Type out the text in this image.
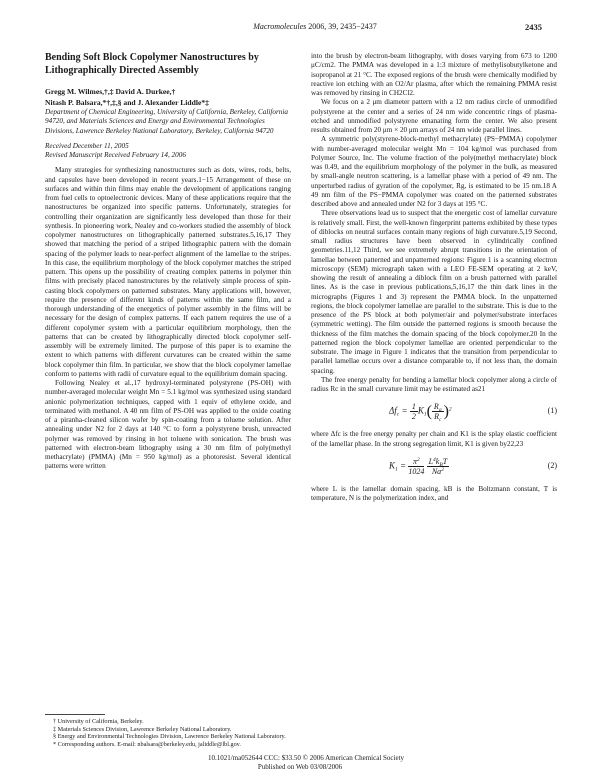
Macromolecules 2006, 39, 2435−2437	2435
Bending Soft Block Copolymer Nanostructures by Lithographically Directed Assembly
Gregg M. Wilmes,†,‡ David A. Durkee,†
Nitash P. Balsara,*†,‡,§ and J. Alexander Liddle*‡
Department of Chemical Engineering, University of California, Berkeley, California 94720, and Materials Sciences and Energy and Environmental Technologies Divisions, Lawrence Berkeley National Laboratory, Berkeley, California 94720
Received December 11, 2005
Revised Manuscript Received February 14, 2006

Many strategies for synthesizing nanostructures such as dots, wires, rods, belts, and capsules have been developed in recent years.1−15 Arrangement of these on surfaces and within thin films may enable the development of applications ranging from fuel cells to optoelectronic devices. Many of these applications require that the nanostructures be organized into specific patterns. Unfortunately, strategies for controlling their organization are significantly less developed than those for their synthesis. In pioneering work, Nealey and co-workers studied the assembly of block copolymer nanostructures on lithographically patterned substrates.5,16,17 They showed that matching the period of a striped lithographic pattern with the domain spacing of the polymer leads to near-perfect alignment of the lamellae to the stripes. In this case, the equilibrium morphology of the block copolymer matches the striped pattern. This opens up the possibility of creating complex patterns in polymer thin films with precisely placed nanostructures by the relatively simple process of spin-casting block copolymers on patterned substrates. Many applications will, however, require the presence of different kinds of patterns within the same film, and a thorough understanding of the energetics of polymer assembly in the films will be necessary for the design of complex patterns. If each pattern requires the use of a different copolymer system with a particular equilibrium morphology, then the patterns that can be created by lithographically directed block copolymer self-assembly will be extremely limited. The purpose of this paper is to examine the extent to which patterns with different curvatures can be created within the same block copolymer thin film. In particular, we show that the block copolymer lamellae conform to patterns with radii of curvature equal to the equilibrium domain spacing.

Following Nealey et al.,17 hydroxyl-terminated polystyrene (PS-OH) with number-averaged molecular weight Mn = 5.1 kg/mol was synthesized using standard anionic polymerization techniques, capped with 1 equiv of ethylene oxide, and terminated with methanol. A 40 nm film of PS-OH was applied to the oxide coating of a piranha-cleaned silicon wafer by spin-coating from a toluene solution. After annealing under N2 for 2 days at 140 °C to form a polystyrene brush, unreacted polymer was removed by rinsing in hot toluene with sonication. The brush was patterned with electron-beam lithography using a 30 nm film of poly(methyl methacrylate) (PMMA) (Mn = 950 kg/mol) as a photoresist. Several identical patterns were written

into the brush by electron-beam lithography, with doses varying from 673 to 1200 μC/cm2. The PMMA was developed in a 1:3 mixture of methylisobutylketone and isopropanol at 21 °C. The exposed regions of the brush were chemically modified by reactive ion etching with an O2/Ar plasma, after which the remaining PMMA resist was removed by rinsing in CH2Cl2.

We focus on a 2 μm diameter pattern with a 12 nm radius circle of unmodified polystyrene at the center and a series of 24 nm wide concentric rings of plasma-etched and unmodified polystyrene emanating form the center. We also present results obtained from 20 μm × 20 μm arrays of 24 nm wide parallel lines.

A symmetric poly(styrene-block-methyl methacrylate) (PS−PMMA) copolymer with number-averaged molecular weight Mn = 104 kg/mol was purchased from Polymer Source, Inc. The volume fraction of the poly(methyl methacrylate) block was 0.49, and the equilibrium morphology of the polymer in the bulk, as measured by small-angle neutron scattering, is a lamellar phase with a period of 49 nm. The unperturbed radius of gyration of the copolymer, Rg, is estimated to be 15 nm.18 A 49 nm film of the PS−PMMA copolymer was coated on the patterned substrates described above and annealed under N2 for 3 days at 195 °C.

Three observations lead us to suspect that the energetic cost of lamellar curvature is relatively small. First, the well-known fingerprint patterns exhibited by these types of diblocks on neutral surfaces contain many regions of high curvature.5,19 Second, small radius structures have been observed in cylindrically confined geometries.11,12 Third, we see extremely abrupt transitions in the orientation of lamellae between patterned and unpatterned regions: Figure 1 is a scanning electron microscopy (SEM) micrograph taken with a LEO FE-SEM operating at 2 keV, showing the result of annealing a diblock film on a brush patterned with parallel lines. As is the case in previous publications,5,16,17 the thin dark lines in the micrographs (Figures 1 and 3) represent the PMMA block. In the unpatterned regions, the block copolymer lamellae are parallel to the substrate. This is due to the presence of the PS block at both polymer/air and polymer/substrate interfaces (symmetric wetting). The film outside the patterned regions is smooth because the thickness of the film matches the domain spacing of the block copolymer.20 In the patterned region the block copolymer lamellae are oriented perpendicular to the substrate. The image in Figure 1 indicates that the transition from perpendicular to parallel lamellae occurs over a distance comparable to, if not less than, the domain spacing.

The free energy penalty for bending a lamellar block copolymer along a circle of radius Rc in the small curvature limit may be estimated as21

$\Delta f_c = \frac{1}{2} K_1( \frac{R_g}{R_c} )^2$	(1)

where Δfc is the free energy penalty per chain and K1 is the splay elastic coefficient of the lamellar phase. In the strong segregation limit, K1 is given by22,23

$K_1 = \frac{\pi^2}{1024}$
$\frac{L^4k_BT}{Na^2}$	(2)

where L is the lamellar domain spacing, kB is the Boltzmann constant, T is temperature, N is the polymerization index, and

† University of California, Berkeley.
‡ Materials Sciences Division, Lawrence Berkeley National Laboratory.
§ Energy and Environmental Technologies Division, Lawrence Berkeley National Laboratory.
* Corresponding authors. E-mail: nbalsara@berkeley.edu, jaliddle@lbl.gov.
10.1021/ma052644 CCC: $33.50 © 2006 American Chemical Society
Published on Web 03/08/2006
